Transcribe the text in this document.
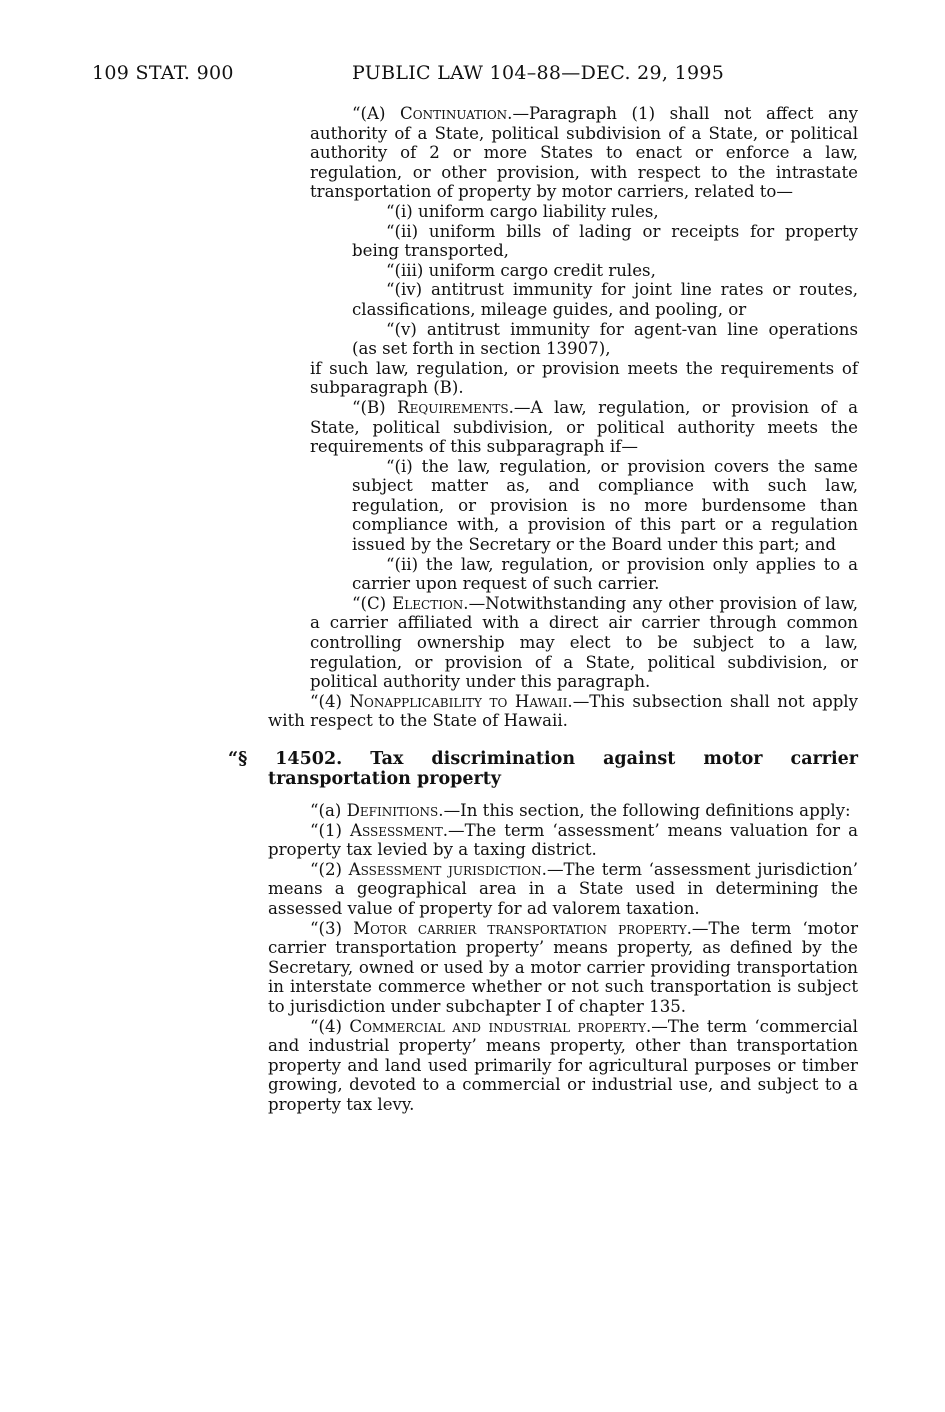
109 STAT. 900	PUBLIC LAW 104–88—DEC. 29, 1995

“(A) Continuation.—Paragraph (1) shall not affect any authority of a State, political subdivision of a State, or political authority of 2 or more States to enact or enforce a law, regulation, or other provision, with respect to the intrastate transportation of property by motor carriers, related to—

“(i) uniform cargo liability rules,

“(ii) uniform bills of lading or receipts for property being transported,

“(iii) uniform cargo credit rules,

“(iv) antitrust immunity for joint line rates or routes, classifications, mileage guides, and pooling, or

“(v) antitrust immunity for agent-van line operations (as set forth in section 13907),

if such law, regulation, or provision meets the requirements of subparagraph (B).

“(B) Requirements.—A law, regulation, or provision of a State, political subdivision, or political authority meets the requirements of this subparagraph if—

“(i) the law, regulation, or provision covers the same subject matter as, and compliance with such law, regulation, or provision is no more burdensome than compliance with, a provision of this part or a regulation issued by the Secretary or the Board under this part; and

“(ii) the law, regulation, or provision only applies to a carrier upon request of such carrier.

“(C) Election.—Notwithstanding any other provision of law, a carrier affiliated with a direct air carrier through common controlling ownership may elect to be subject to a law, regulation, or provision of a State, political subdivision, or political authority under this paragraph.

“(4) Nonapplicability to Hawaii.—This subsection shall not apply with respect to the State of Hawaii.

“§ 14502. Tax discrimination against motor carrier transportation property

“(a) Definitions.—In this section, the following definitions apply:

“(1) Assessment.—The term ‘assessment’ means valuation for a property tax levied by a taxing district.

“(2) Assessment jurisdiction.—The term ‘assessment jurisdiction’ means a geographical area in a State used in determining the assessed value of property for ad valorem taxation.

“(3) Motor carrier transportation property.—The term ‘motor carrier transportation property’ means property, as defined by the Secretary, owned or used by a motor carrier providing transportation in interstate commerce whether or not such transportation is subject to jurisdiction under subchapter I of chapter 135.

“(4) Commercial and industrial property.—The term ‘commercial and industrial property’ means property, other than transportation property and land used primarily for agricultural purposes or timber growing, devoted to a commercial or industrial use, and subject to a property tax levy.
